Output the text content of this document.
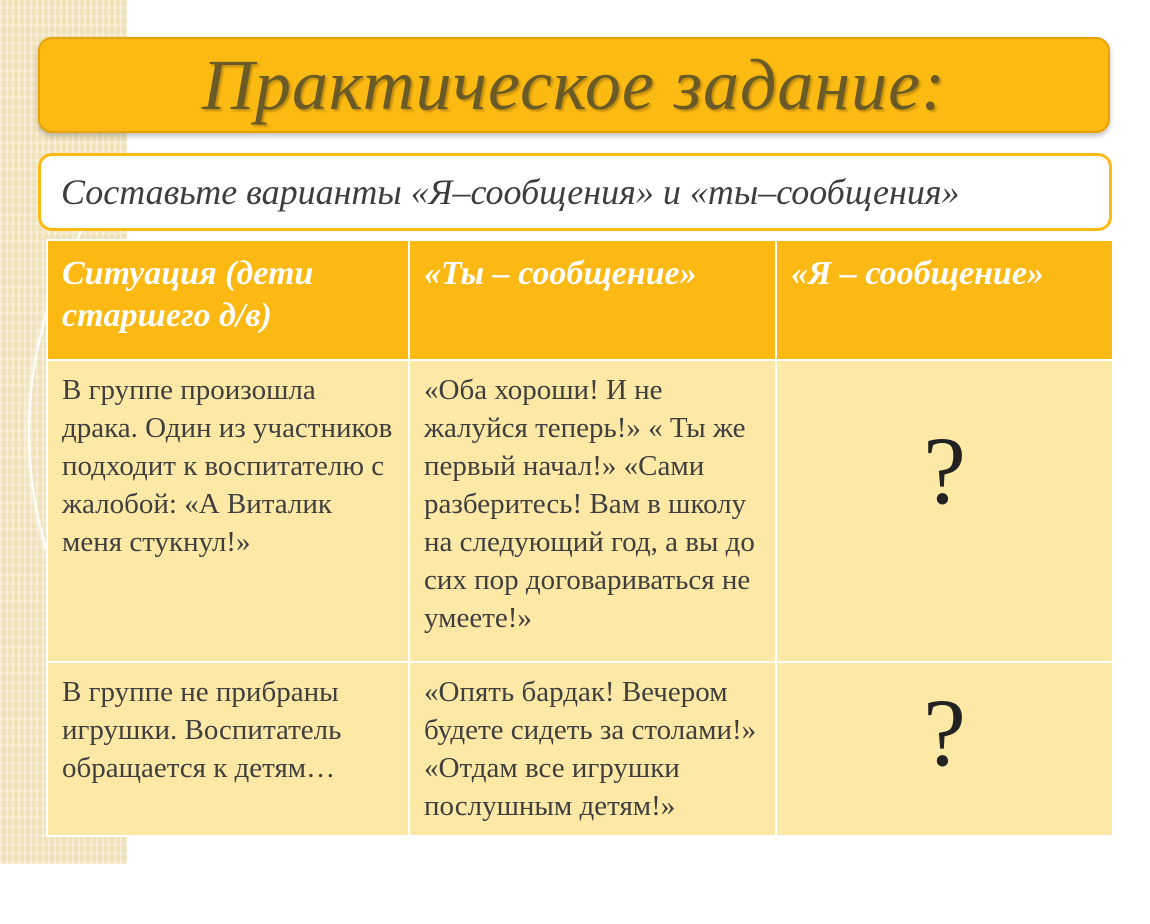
Практическое задание:
Составьте варианты «Я–сообщения» и «ты–сообщения»
Ситуация (дети старшего д/в)	«Ты – сообщение»	«Я – сообщение»
В группе произошла драка. Один из участников подходит к воспитателю с жалобой: «А Виталик меня стукнул!»	«Оба хороши! И не жалуйся теперь!» « Ты же первый начал!» «Сами разберитесь! Вам в школу на следующий год, а вы до сих пор договариваться не умеете!»	?
В группе не прибраны игрушки. Воспитатель обращается к детям…	«Опять бардак! Вечером будете сидеть за столами!» «Отдам все игрушки послушным детям!»	?
